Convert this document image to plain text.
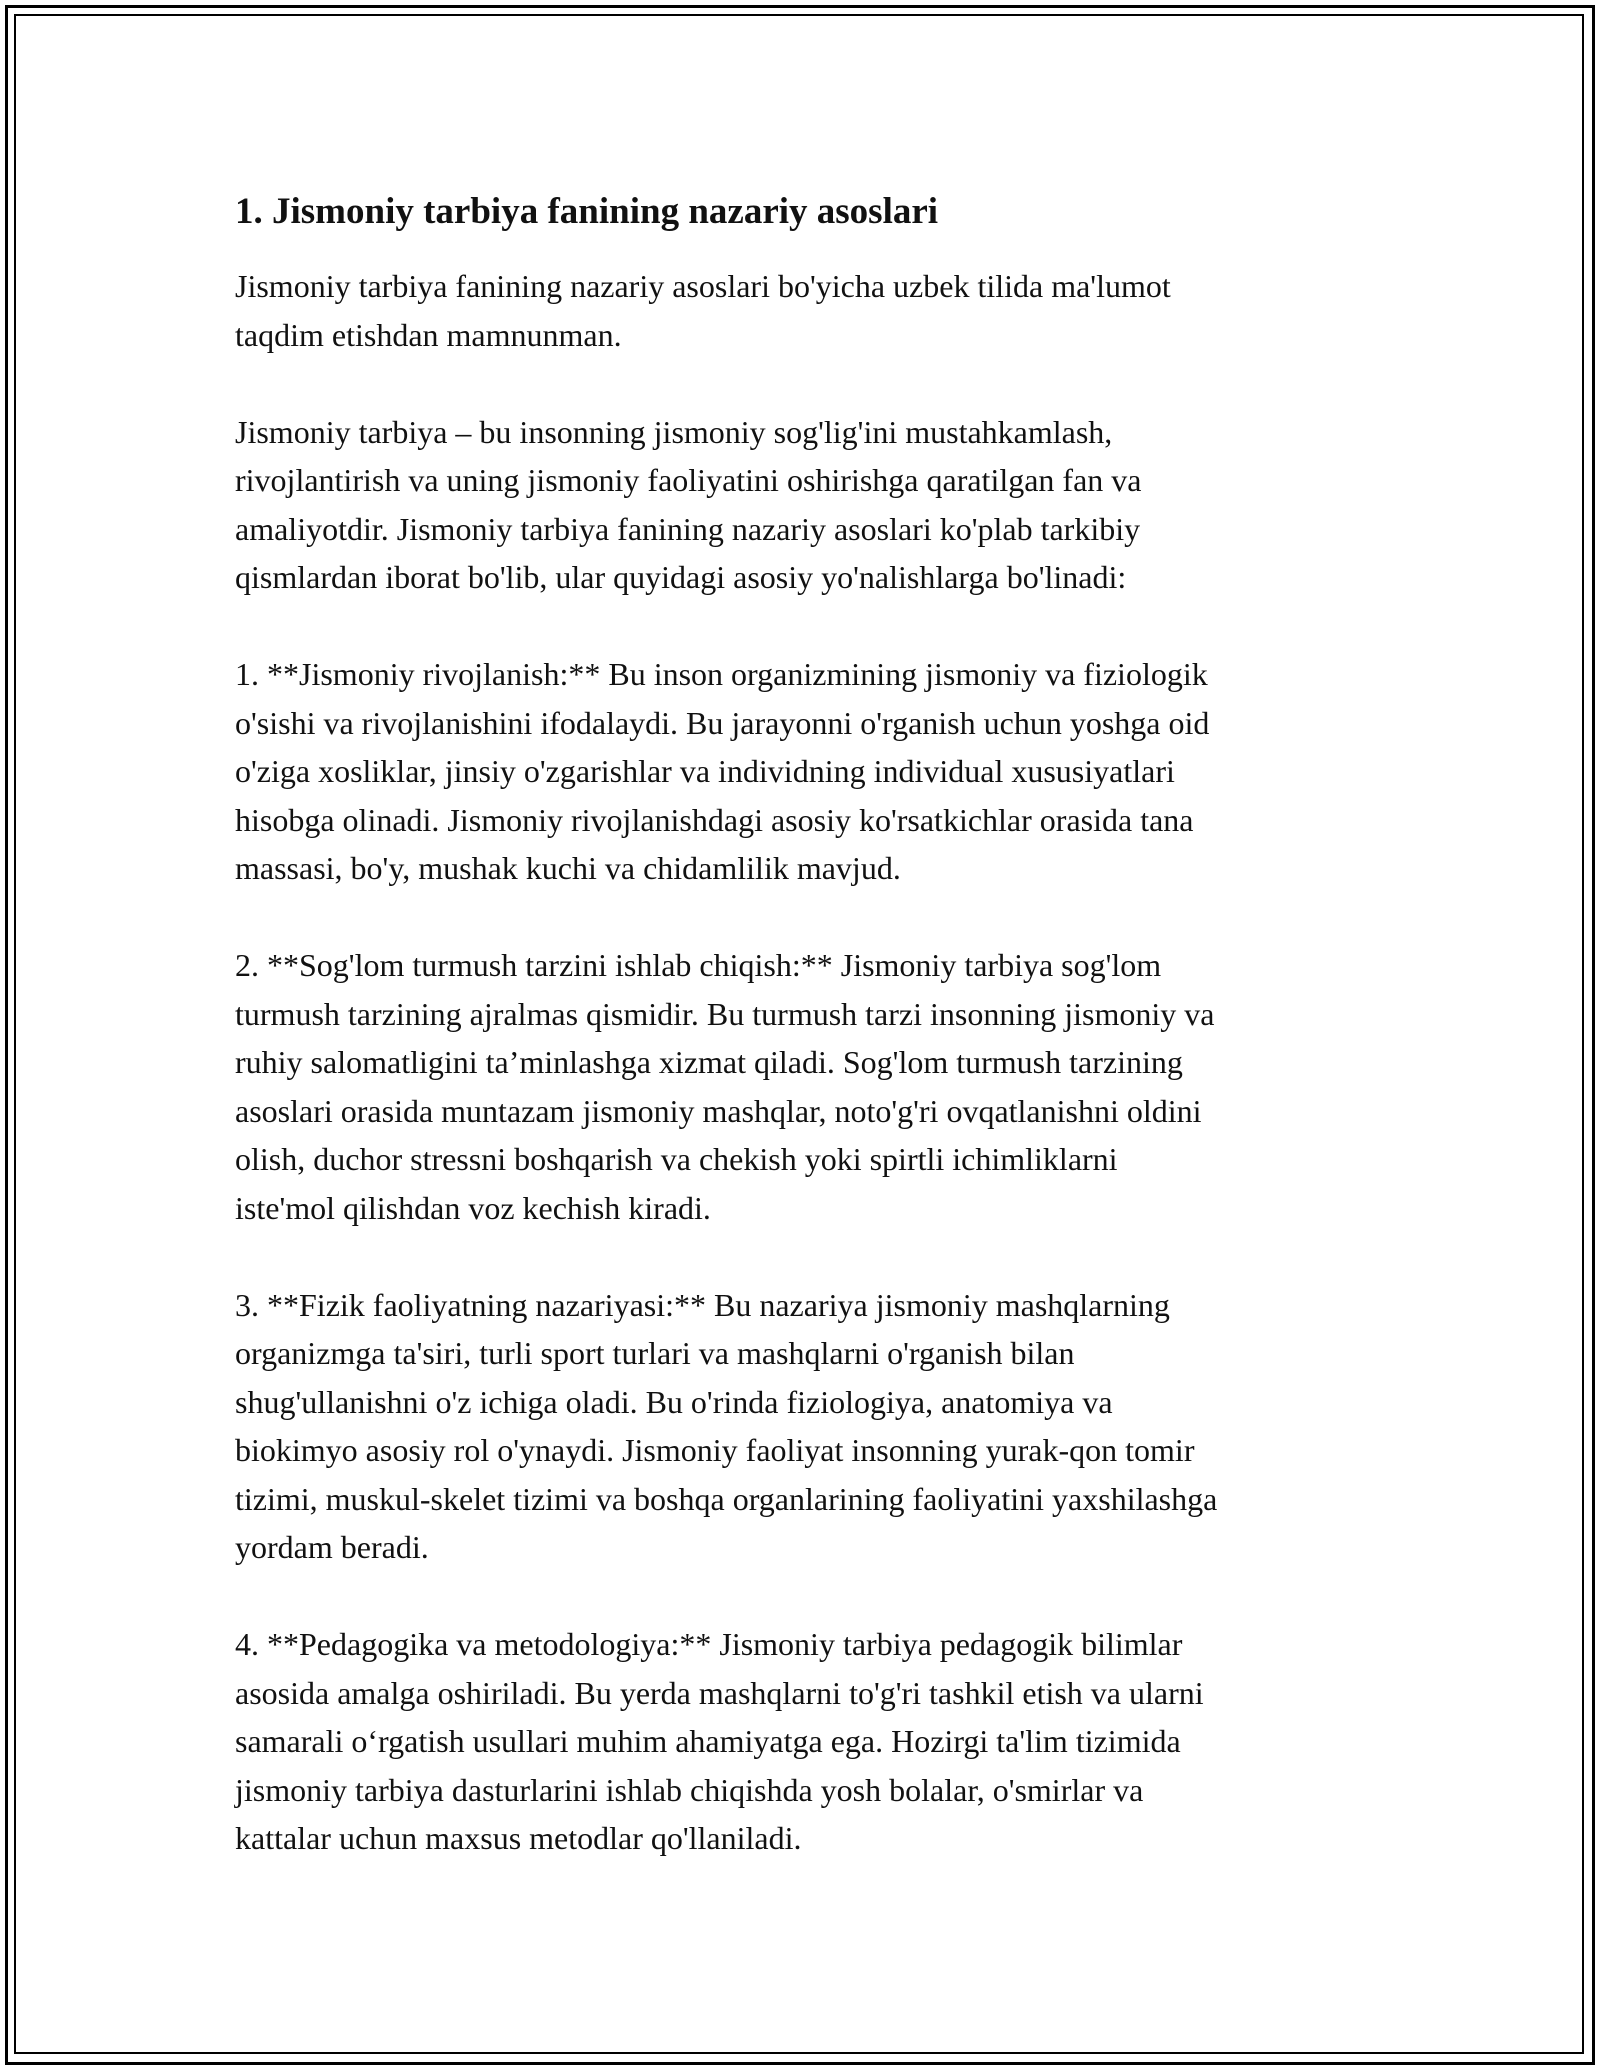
1. Jismoniy tarbiya fanining nazariy asoslari

Jismoniy tarbiya fanining nazariy asoslari bo'yicha uzbek tilida ma'lumot
taqdim etishdan mamnunman.

Jismoniy tarbiya – bu insonning jismoniy sog'lig'ini mustahkamlash,
rivojlantirish va uning jismoniy faoliyatini oshirishga qaratilgan fan va
amaliyotdir. Jismoniy tarbiya fanining nazariy asoslari ko'plab tarkibiy
qismlardan iborat bo'lib, ular quyidagi asosiy yo'nalishlarga bo'linadi:

1. **Jismoniy rivojlanish:** Bu inson organizmining jismoniy va fiziologik
o'sishi va rivojlanishini ifodalaydi. Bu jarayonni o'rganish uchun yoshga oid
o'ziga xosliklar, jinsiy o'zgarishlar va individning individual xususiyatlari
hisobga olinadi. Jismoniy rivojlanishdagi asosiy ko'rsatkichlar orasida tana
massasi, bo'y, mushak kuchi va chidamlilik mavjud.

2. **Sog'lom turmush tarzini ishlab chiqish:** Jismoniy tarbiya sog'lom
turmush tarzining ajralmas qismidir. Bu turmush tarzi insonning jismoniy va
ruhiy salomatligini ta’minlashga xizmat qiladi. Sog'lom turmush tarzining
asoslari orasida muntazam jismoniy mashqlar, noto'g'ri ovqatlanishni oldini
olish, duchor stressni boshqarish va chekish yoki spirtli ichimliklarni
iste'mol qilishdan voz kechish kiradi.

3. **Fizik faoliyatning nazariyasi:** Bu nazariya jismoniy mashqlarning
organizmga ta'siri, turli sport turlari va mashqlarni o'rganish bilan
shug'ullanishni o'z ichiga oladi. Bu o'rinda fiziologiya, anatomiya va
biokimyo asosiy rol o'ynaydi. Jismoniy faoliyat insonning yurak-qon tomir
tizimi, muskul-skelet tizimi va boshqa organlarining faoliyatini yaxshilashga
yordam beradi.

4. **Pedagogika va metodologiya:** Jismoniy tarbiya pedagogik bilimlar
asosida amalga oshiriladi. Bu yerda mashqlarni to'g'ri tashkil etish va ularni
samarali o‘rgatish usullari muhim ahamiyatga ega. Hozirgi ta'lim tizimida
jismoniy tarbiya dasturlarini ishlab chiqishda yosh bolalar, o'smirlar va
kattalar uchun maxsus metodlar qo'llaniladi.
